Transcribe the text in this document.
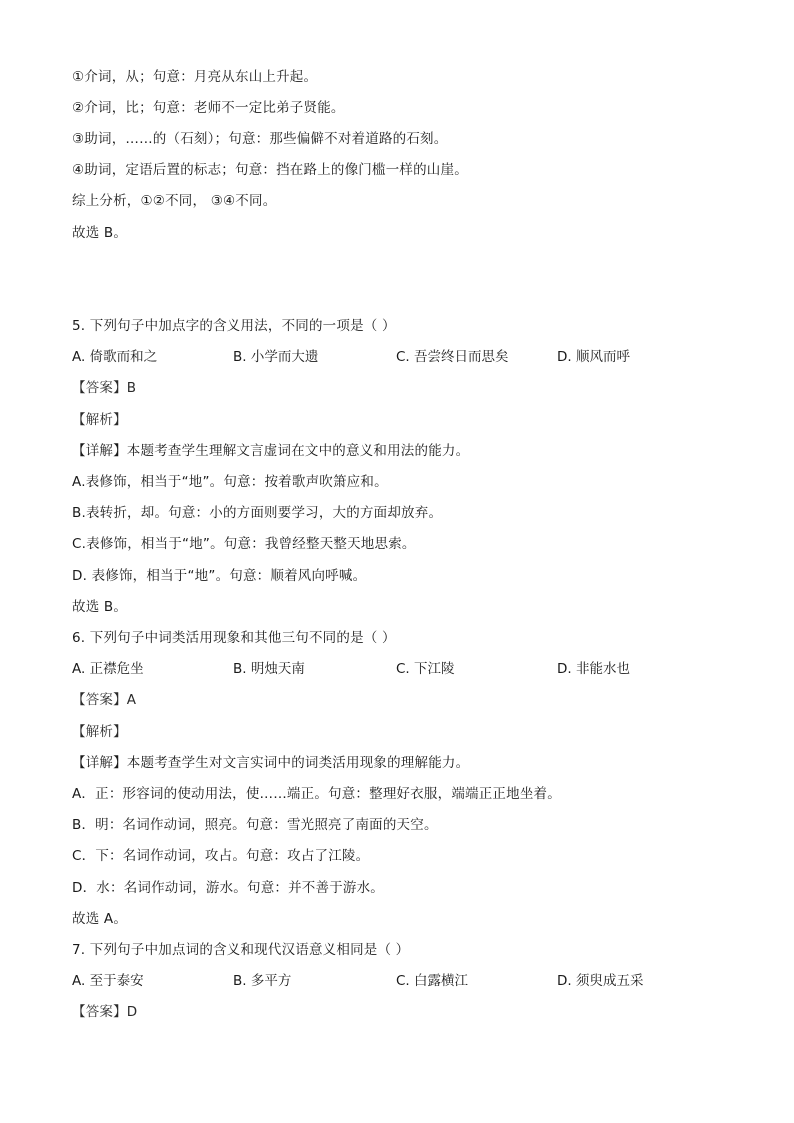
①介词，从；句意：月亮从东山上升起。
②介词，比；句意：老师不一定比弟子贤能。
③助词，……的（石刻）；句意：那些偏僻不对着道路的石刻。
④助词，定语后置的标志；句意：挡在路上的像门槛一样的山崖。
综上分析，①②不同， ③④不同。
故选 B。
5. 下列句子中加点字的含义用法，不同的一项是（ ）
A. 倚歌而和之	B. 小学而大遗	C. 吾尝终日而思矣	D. 顺风而呼
【答案】B
【解析】
【详解】本题考查学生理解文言虚词在文中的意义和用法的能力。
A.表修饰，相当于“地”。句意：按着歌声吹箫应和。
B.表转折，却。句意：小的方面则要学习，大的方面却放弃。
C.表修饰，相当于“地”。句意：我曾经整天整天地思索。
D. 表修饰，相当于“地”。句意：顺着风向呼喊。
故选 B。
6. 下列句子中词类活用现象和其他三句不同的是（ ）
A. 正襟危坐	B. 明烛天南	C. 下江陵	D. 非能水也
【答案】A
【解析】
【详解】本题考查学生对文言实词中的词类活用现象的理解能力。
A．正：形容词的使动用法，使……端正。句意：整理好衣服，端端正正地坐着。
B．明：名词作动词，照亮。句意：雪光照亮了南面的天空。
C．下：名词作动词，攻占。句意：攻占了江陵。
D．水：名词作动词，游水。句意：并不善于游水。
故选 A。
7. 下列句子中加点词的含义和现代汉语意义相同是（ ）
A. 至于泰安	B. 多平方	C. 白露横江	D. 须臾成五采
【答案】D
